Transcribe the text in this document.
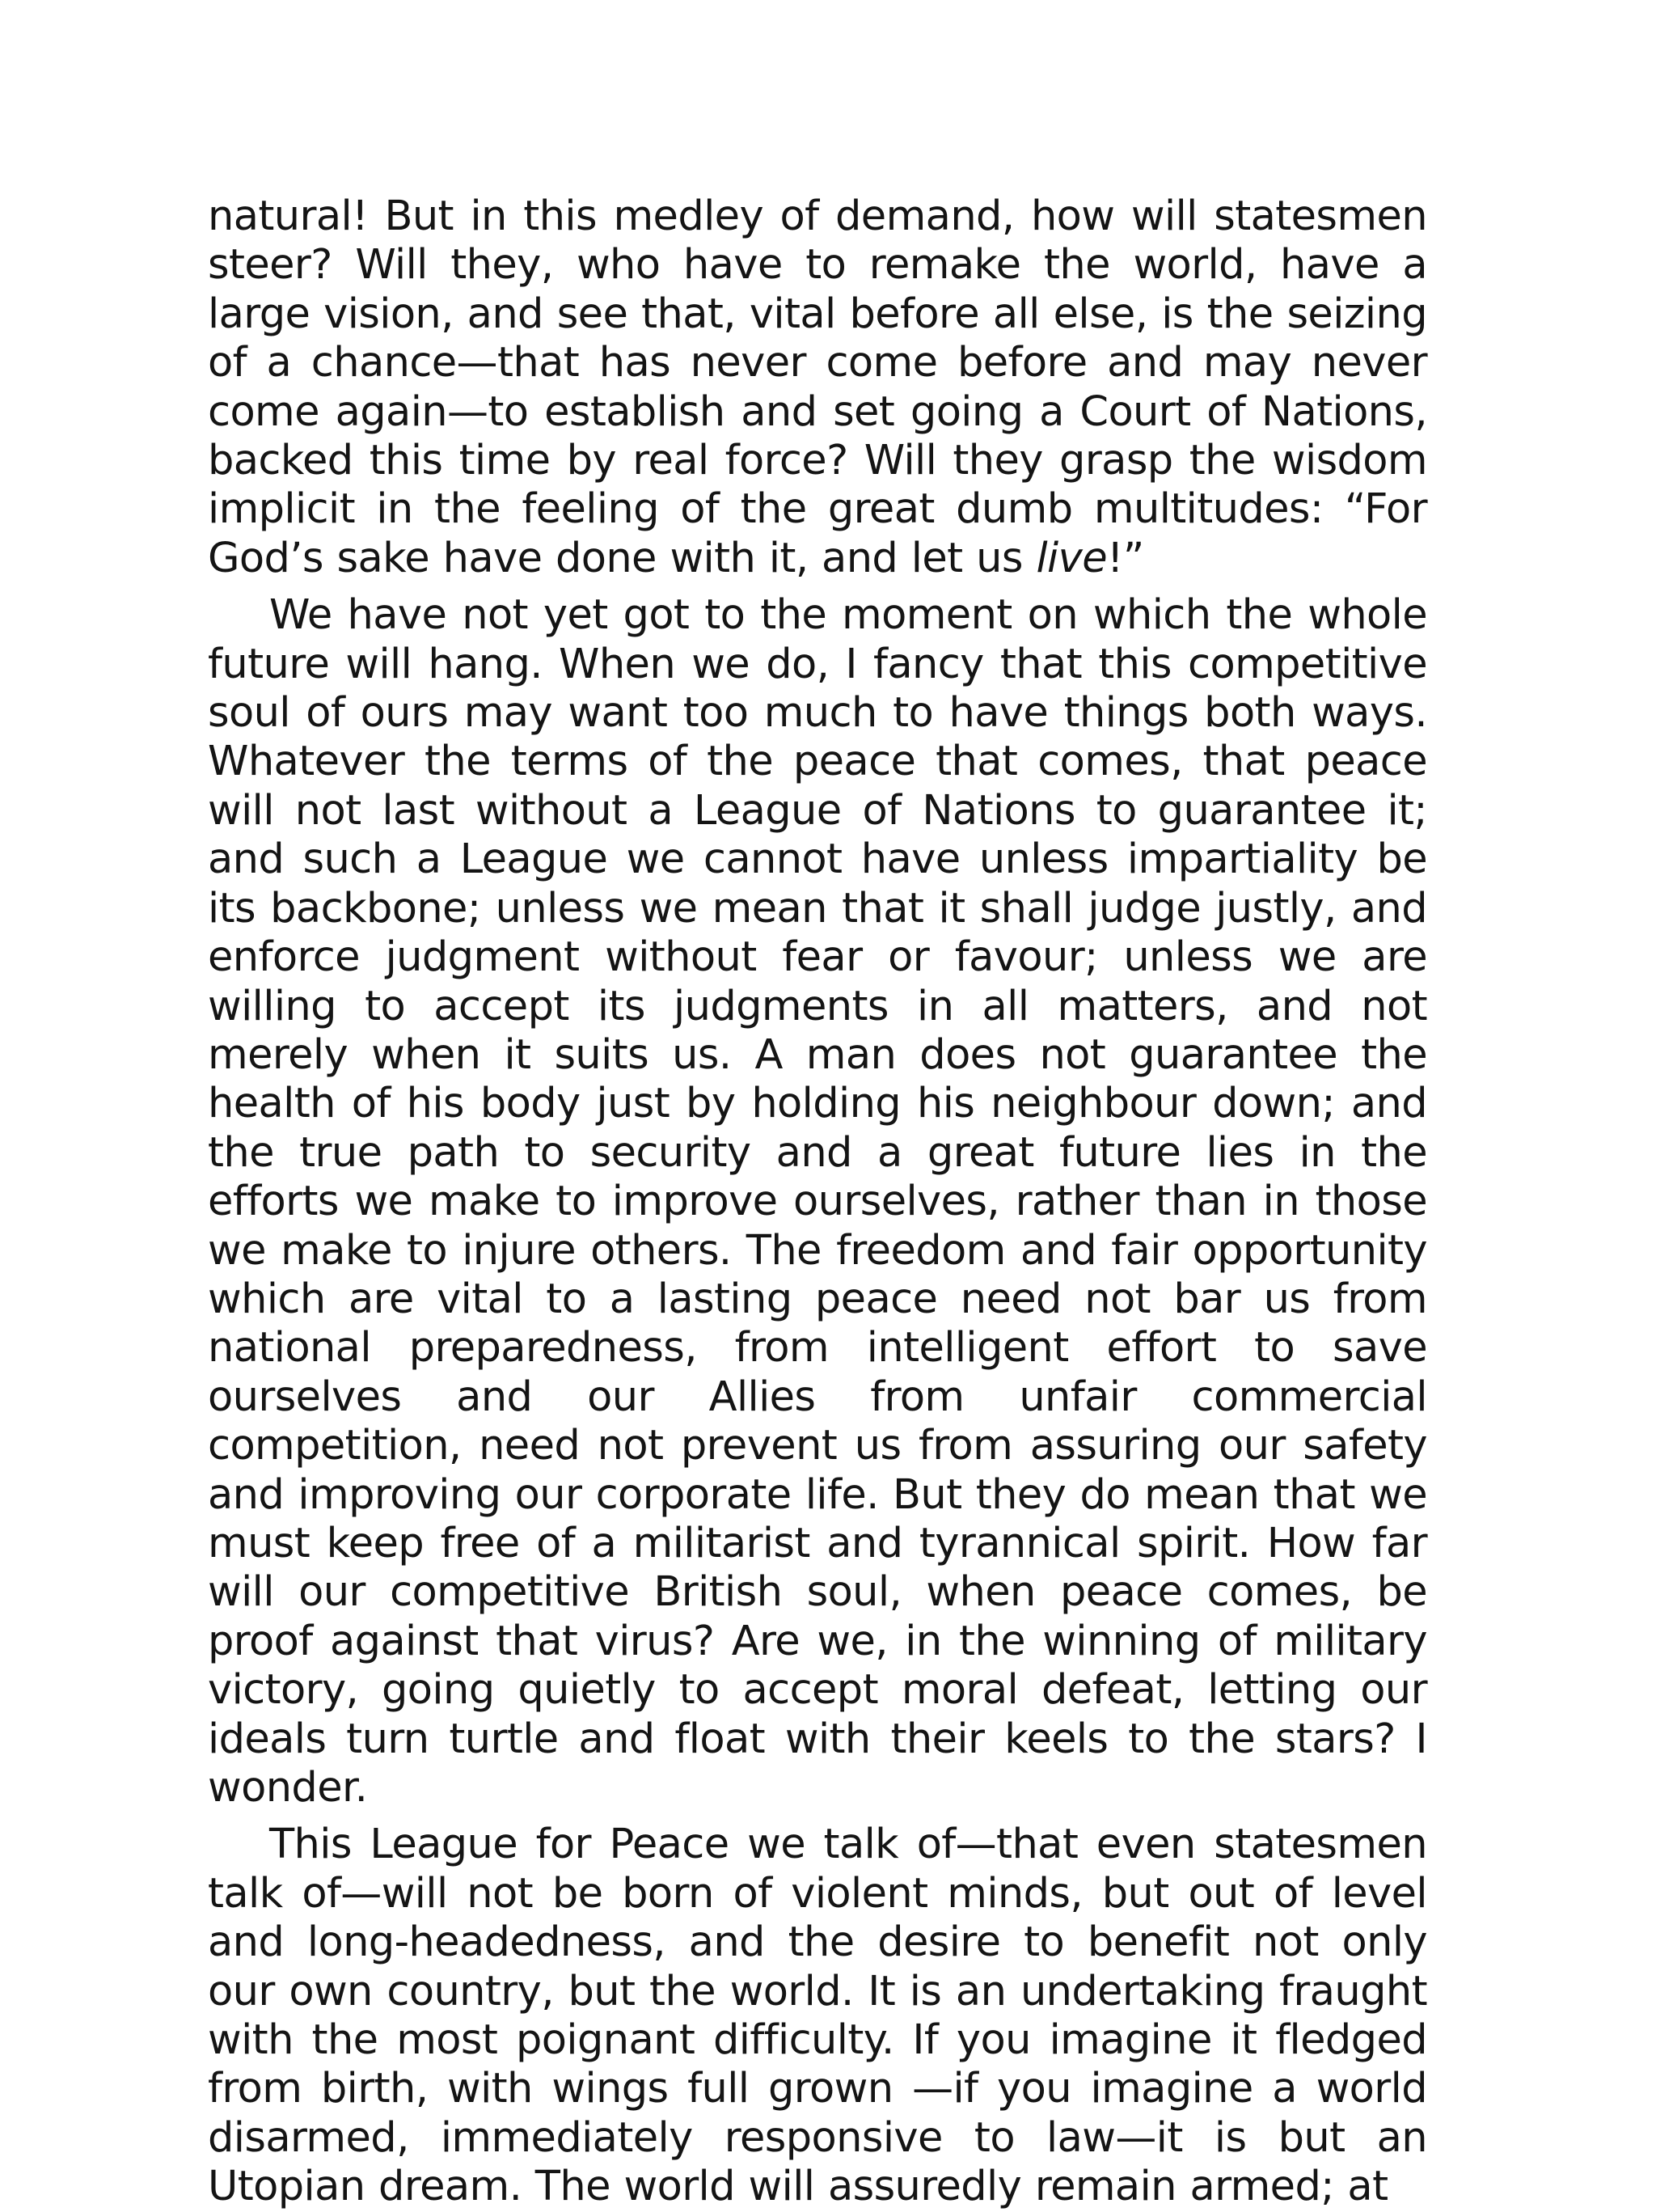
natural! But in this medley of demand, how will statesmen steer? Will they, who have to remake the world, have a large vision, and see that, vital before all else, is the seizing of a chance—that has never come before and may never come again—to establish and set going a Court of Nations, backed this time by real force? Will they grasp the wisdom implicit in the feeling of the great dumb multitudes: “For God’s sake have done with it, and let us live!”

We have not yet got to the moment on which the whole future will hang. When we do, I fancy that this competitive soul of ours may want too much to have things both ways. Whatever the terms of the peace that comes, that peace will not last without a League of Nations to guarantee it; and such a League we cannot have unless impartiality be its backbone; unless we mean that it shall judge justly, and enforce judgment without fear or favour; unless we are willing to accept its judgments in all matters, and not merely when it suits us. A man does not guarantee the health of his body just by holding his neighbour down; and the true path to security and a great future lies in the efforts we make to improve ourselves, rather than in those we make to injure others. The freedom and fair opportunity which are vital to a lasting peace need not bar us from national preparedness, from intelligent effort to save ourselves and our Allies from unfair commercial competition, need not prevent us from assuring our safety and improving our corporate life. But they do mean that we must keep free of a militarist and tyrannical spirit. How far will our competitive British soul, when peace comes, be proof against that virus? Are we, in the winning of military victory, going quietly to accept moral defeat, letting our ideals turn turtle and float with their keels to the stars? I wonder.

This League for Peace we talk of—that even statesmen talk of—will not be born of violent minds, but out of level and long-headedness, and the desire to benefit not only our own country, but the world. It is an undertaking fraught with the most poignant difficulty. If you imagine it fledged from birth, with wings full grown —if you imagine a world disarmed, immediately responsive to law—it is but an Utopian dream. The world will assuredly remain armed; at
